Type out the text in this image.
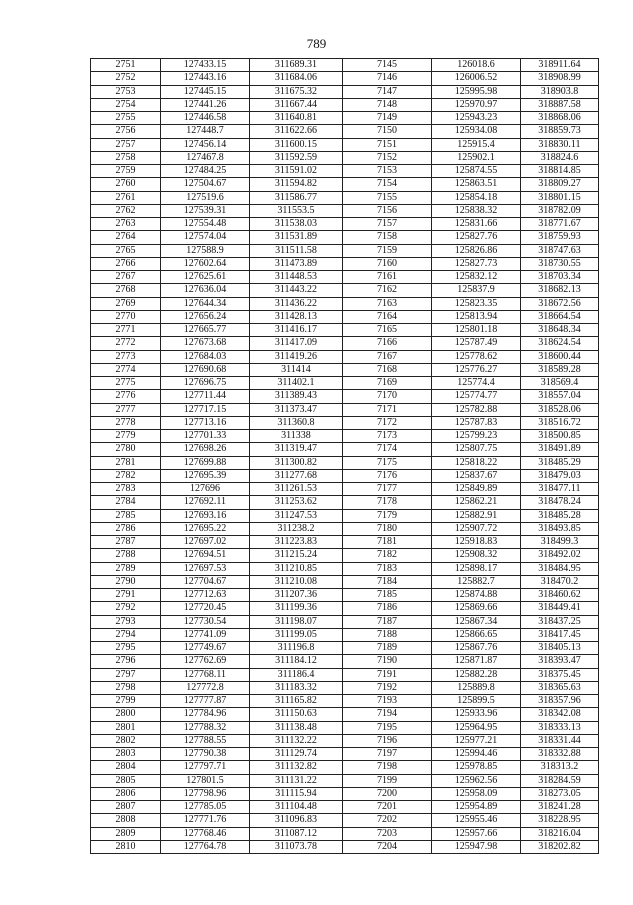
789
2751	127433.15	311689.31	7145	126018.6	318911.64
2752	127443.16	311684.06	7146	126006.52	318908.99
2753	127445.15	311675.32	7147	125995.98	318903.8
2754	127441.26	311667.44	7148	125970.97	318887.58
2755	127446.58	311640.81	7149	125943.23	318868.06
2756	127448.7	311622.66	7150	125934.08	318859.73
2757	127456.14	311600.15	7151	125915.4	318830.11
2758	127467.8	311592.59	7152	125902.1	318824.6
2759	127484.25	311591.02	7153	125874.55	318814.85
2760	127504.67	311594.82	7154	125863.51	318809.27
2761	127519.6	311586.77	7155	125854.18	318801.15
2762	127539.31	311553.5	7156	125838.32	318782.09
2763	127554.48	311538.03	7157	125831.66	318771.67
2764	127574.04	311531.89	7158	125827.76	318759.93
2765	127588.9	311511.58	7159	125826.86	318747.63
2766	127602.64	311473.89	7160	125827.73	318730.55
2767	127625.61	311448.53	7161	125832.12	318703.34
2768	127636.04	311443.22	7162	125837.9	318682.13
2769	127644.34	311436.22	7163	125823.35	318672.56
2770	127656.24	311428.13	7164	125813.94	318664.54
2771	127665.77	311416.17	7165	125801.18	318648.34
2772	127673.68	311417.09	7166	125787.49	318624.54
2773	127684.03	311419.26	7167	125778.62	318600.44
2774	127690.68	311414	7168	125776.27	318589.28
2775	127696.75	311402.1	7169	125774.4	318569.4
2776	127711.44	311389.43	7170	125774.77	318557.04
2777	127717.15	311373.47	7171	125782.88	318528.06
2778	127713.16	311360.8	7172	125787.83	318516.72
2779	127701.33	311338	7173	125799.23	318500.85
2780	127698.26	311319.47	7174	125807.75	318491.89
2781	127699.88	311300.82	7175	125818.22	318485.29
2782	127695.39	311277.68	7176	125837.67	318479.03
2783	127696	311261.53	7177	125849.89	318477.11
2784	127692.11	311253.62	7178	125862.21	318478.24
2785	127693.16	311247.53	7179	125882.91	318485.28
2786	127695.22	311238.2	7180	125907.72	318493.85
2787	127697.02	311223.83	7181	125918.83	318499.3
2788	127694.51	311215.24	7182	125908.32	318492.02
2789	127697.53	311210.85	7183	125898.17	318484.95
2790	127704.67	311210.08	7184	125882.7	318470.2
2791	127712.63	311207.36	7185	125874.88	318460.62
2792	127720.45	311199.36	7186	125869.66	318449.41
2793	127730.54	311198.07	7187	125867.34	318437.25
2794	127741.09	311199.05	7188	125866.65	318417.45
2795	127749.67	311196.8	7189	125867.76	318405.13
2796	127762.69	311184.12	7190	125871.87	318393.47
2797	127768.11	311186.4	7191	125882.28	318375.45
2798	127772.8	311183.32	7192	125889.8	318365.63
2799	127777.87	311165.82	7193	125899.5	318357.96
2800	127784.96	311150.63	7194	125933.96	318342.08
2801	127788.32	311138.48	7195	125964.95	318333.13
2802	127788.55	311132.22	7196	125977.21	318331.44
2803	127790.38	311129.74	7197	125994.46	318332.88
2804	127797.71	311132.82	7198	125978.85	318313.2
2805	127801.5	311131.22	7199	125962.56	318284.59
2806	127798.96	311115.94	7200	125958.09	318273.05
2807	127785.05	311104.48	7201	125954.89	318241.28
2808	127771.76	311096.83	7202	125955.46	318228.95
2809	127768.46	311087.12	7203	125957.66	318216.04
2810	127764.78	311073.78	7204	125947.98	318202.82
